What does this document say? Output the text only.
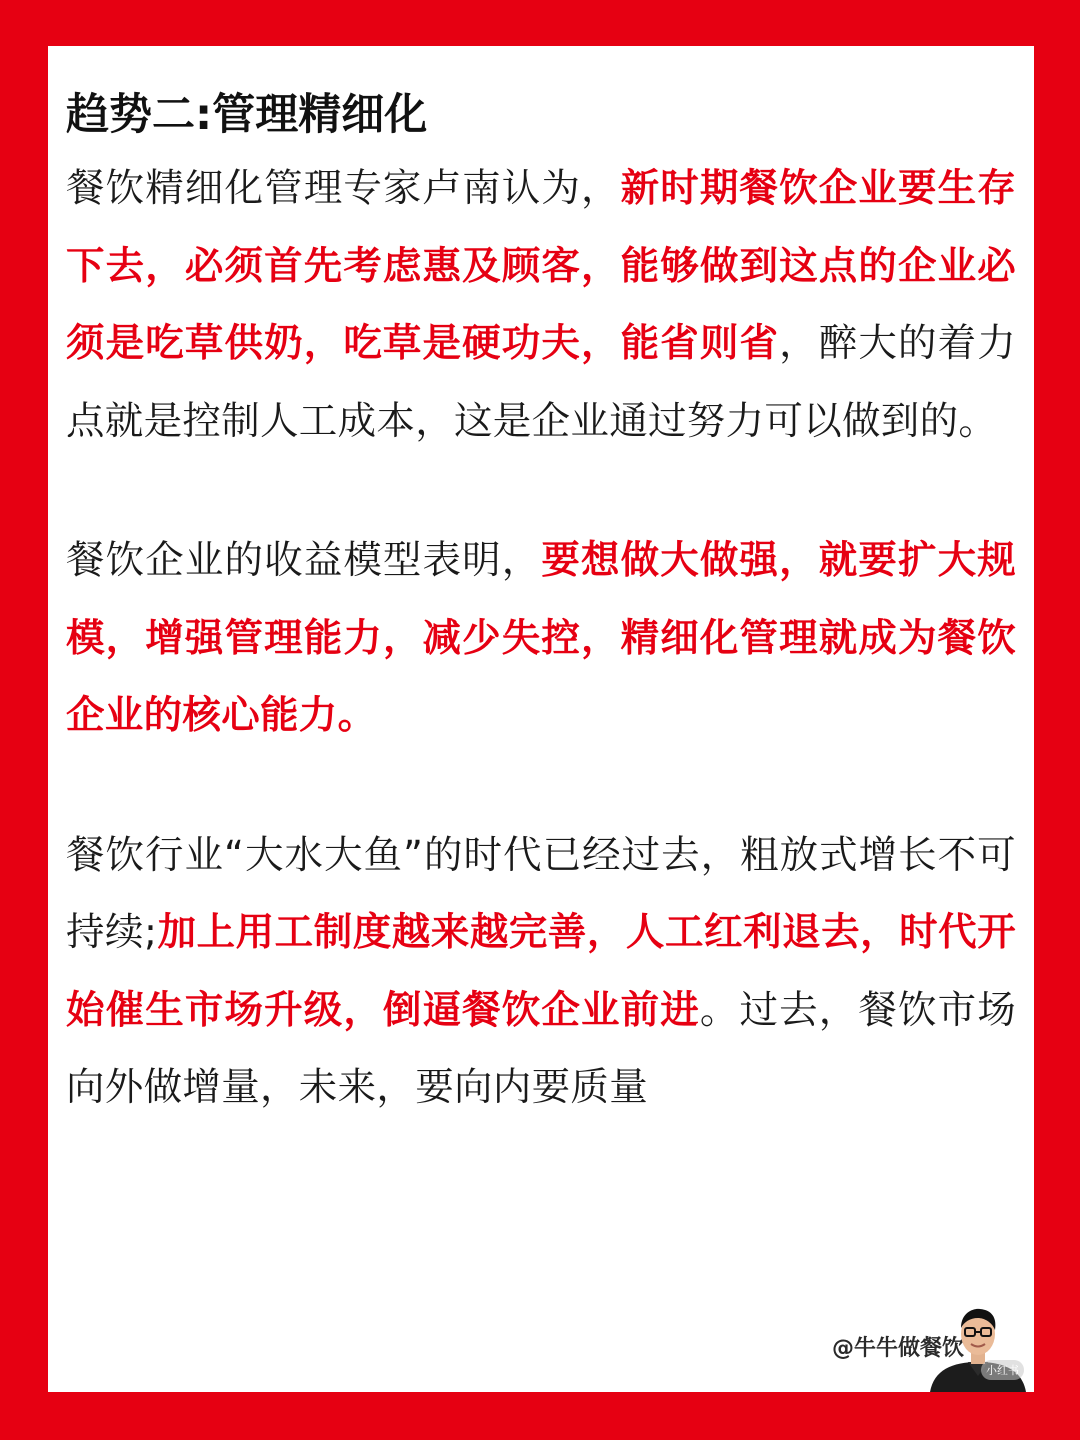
趋势二:管理精细化

餐饮精细化管理专家卢南认为，新时期餐饮企业要生存下去，必须首先考虑惠及顾客，能够做到这点的企业必须是吃草供奶，吃草是硬功夫，能省则省，醉大的着力点就是控制人工成本，这是企业通过努力可以做到的。

餐饮企业的收益模型表明，要想做大做强，就要扩大规模，增强管理能力，减少失控，精细化管理就成为餐饮企业的核心能力。

餐饮行业“大水大鱼”的时代已经过去，粗放式增长不可持续;加上用工制度越来越完善，人工红利退去，时代开始催生市场升级，倒逼餐饮企业前进。过去，餐饮市场向外做增量，未来，要向内要质量

@牛牛做餐饮
小红书
